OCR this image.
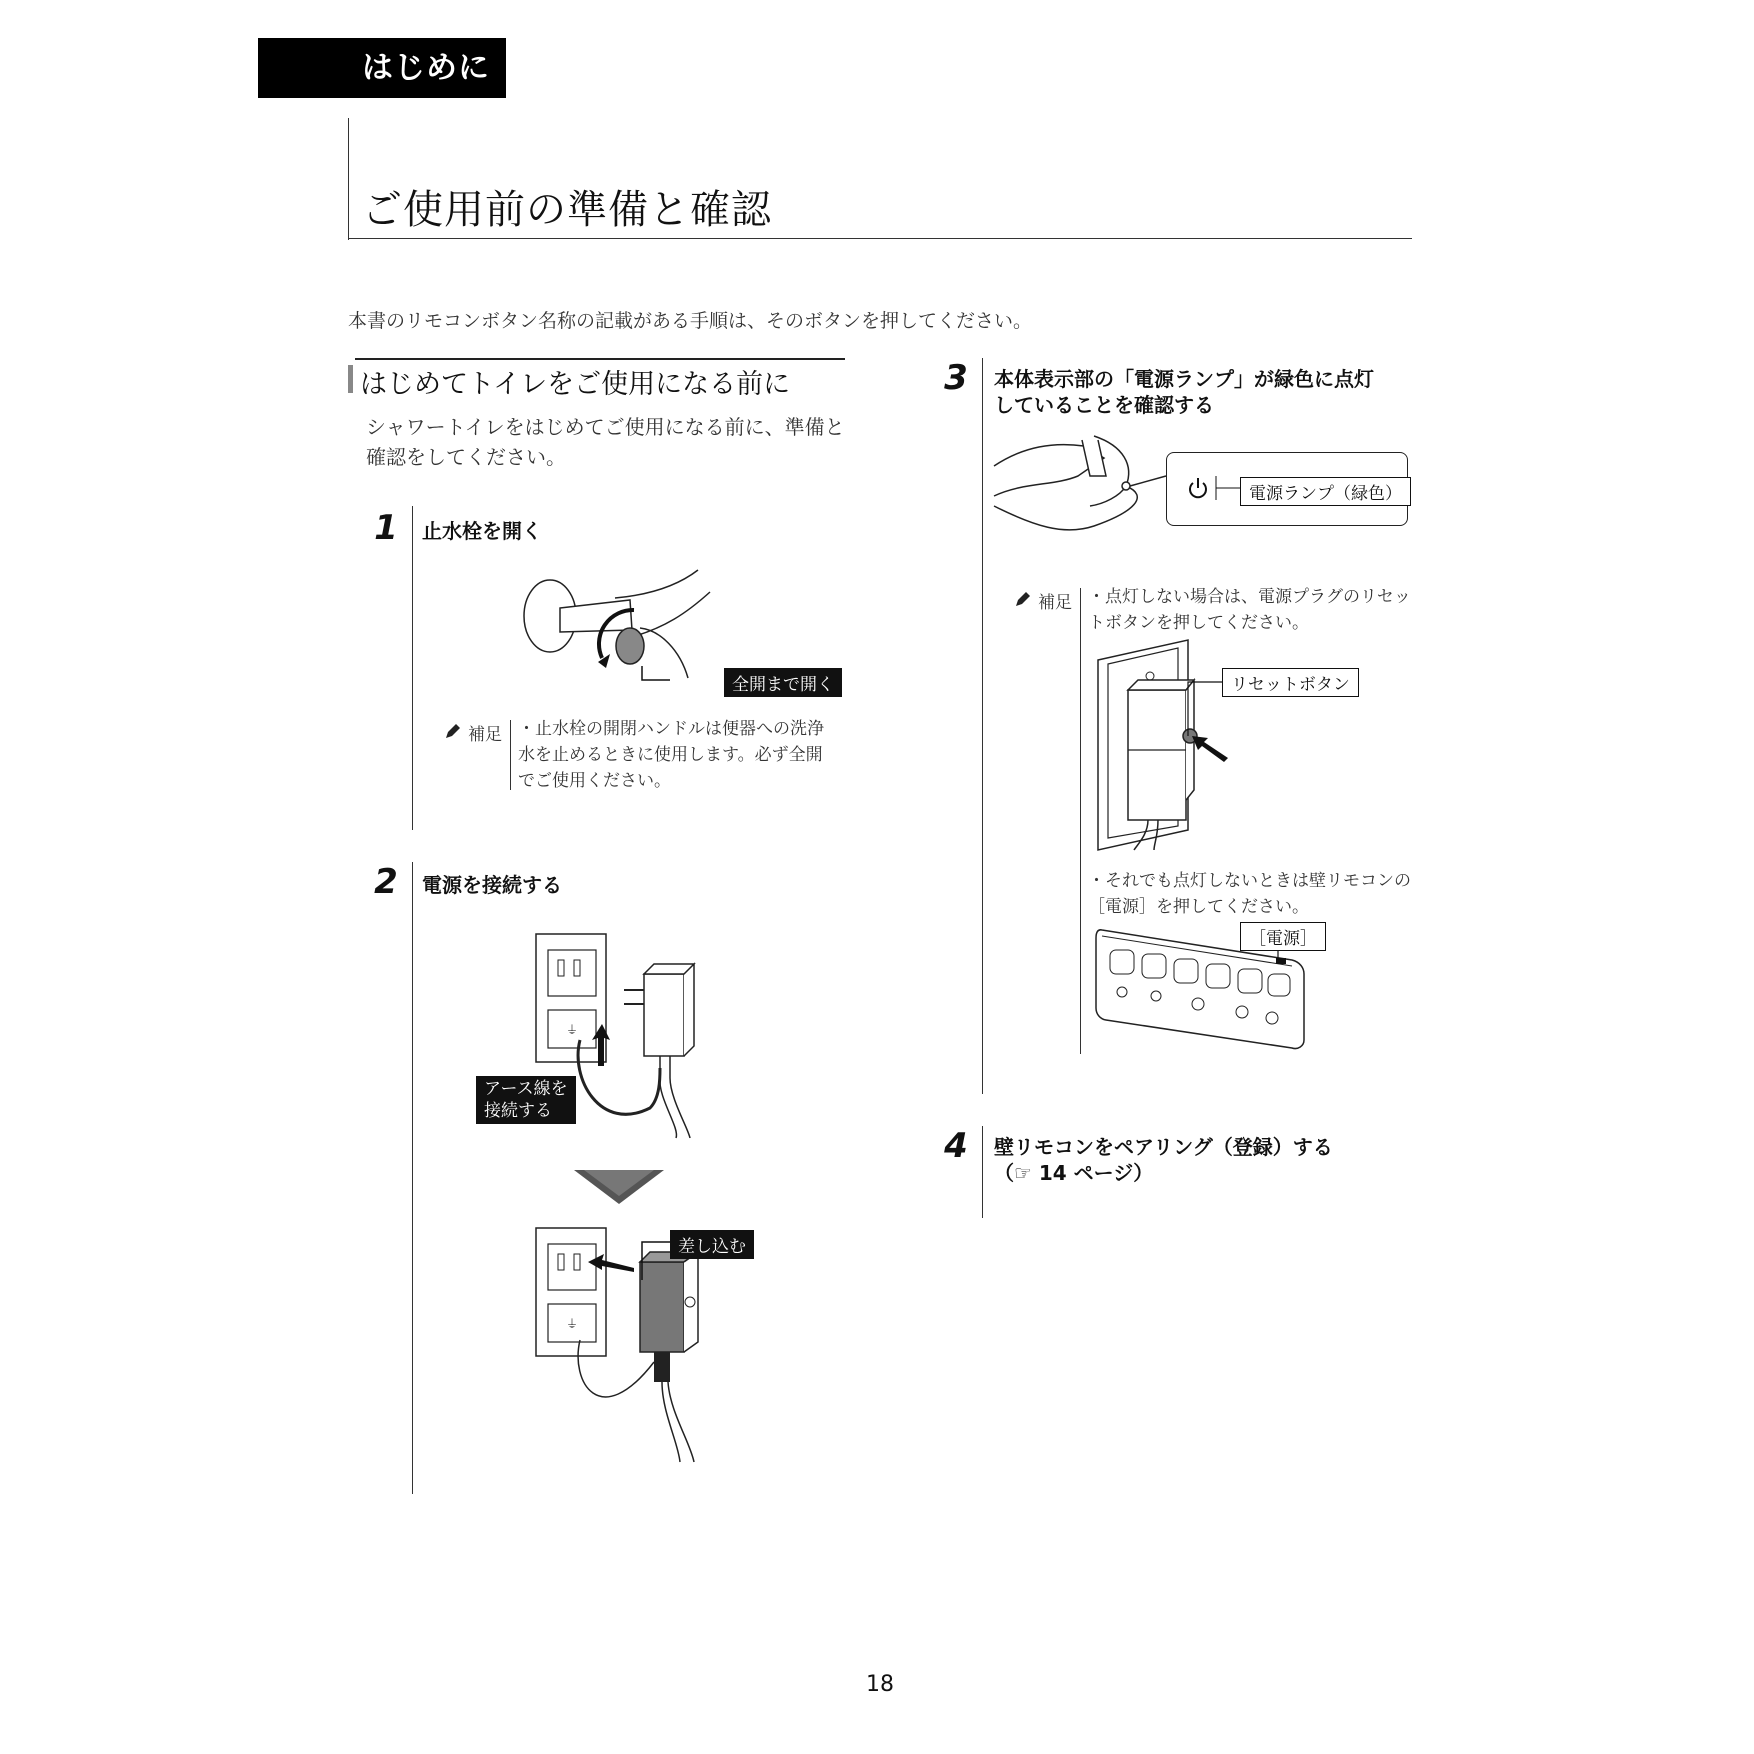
はじめに
ご使用前の準備と確認
本書のリモコンボタン名称の記載がある手順は、そのボタンを押してください。
はじめてトイレをご使用になる前に
シャワートイレをはじめてご使用になる前に、準備と確認をしてください。
1	止水栓を開く
全開まで開く
補足 ・止水栓の開閉ハンドルは便器への洗浄水を止めるときに使用します。必ず全開でご使用ください。
2	電源を接続する
⏚
アース線を接続する
⏚
差し込む
3	本体表示部の「電源ランプ」が緑色に点灯
していることを確認する
電源ランプ（緑色）
補足 ・点灯しない場合は、電源プラグのリセットボタンを押してください。
リセットボタン
・それでも点灯しないときは壁リモコンの［電源］を押してください。
［電源］
4	壁リモコンをペアリング（登録）する
（☞ 14 ページ）
18
